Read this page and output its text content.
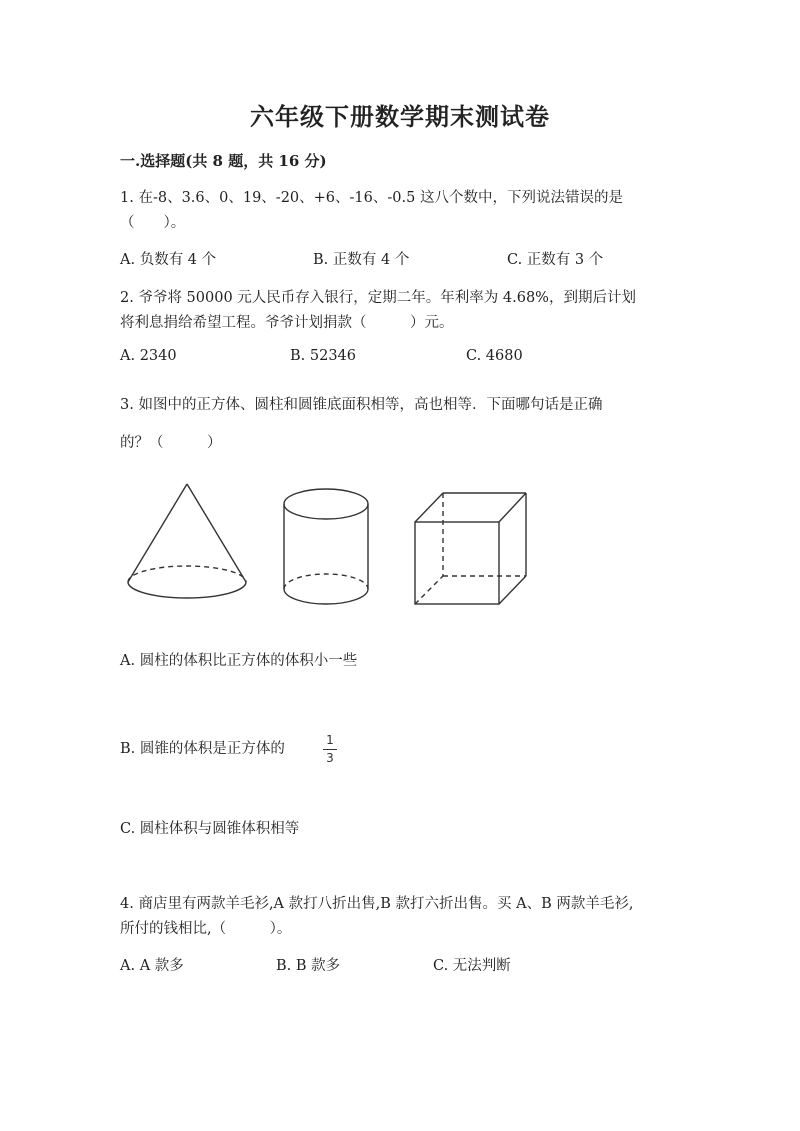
六年级下册数学期末测试卷
一.选择题(共 8 题，共 16 分)
1. 在-8、3.6、0、19、-20、+6、-16、-0.5 这八个数中，下列说法错误的是
（　　）。
A. 负数有 4 个	B. 正数有 4 个	C. 正数有 3 个
2. 爷爷将 50000 元人民币存入银行，定期二年。年利率为 4.68%，到期后计划
将利息捐给希望工程。爷爷计划捐款（　　　）元。
A. 2340	B. 52346	C. 4680
3. 如图中的正方体、圆柱和圆锥底面积相等，高也相等．下面哪句话是正确
的？（　　　）
A. 圆柱的体积比正方体的体积小一些
B. 圆锥的体积是正方体的
1
3
C. 圆柱体积与圆锥体积相等
4. 商店里有两款羊毛衫,A 款打八折出售,B 款打六折出售。买 A、B 两款羊毛衫,
所付的钱相比,（　　　）。
A. A 款多	B. B 款多	C. 无法判断
